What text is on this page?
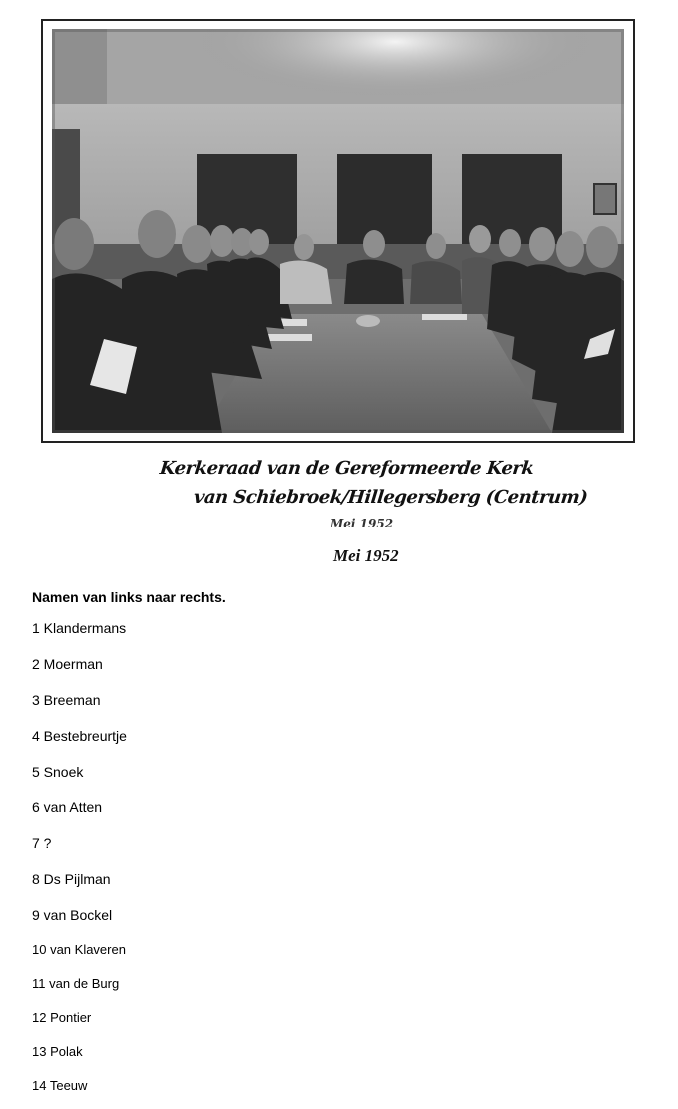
Kerkeraad van de Gereformeerde Kerk
van Schiebroek/Hillegersberg (Centrum)
Mei 1952
Mei 1952
Namen van links naar rechts.
1 Klandermans
2 Moerman
3 Breeman
4 Bestebreurtje
5 Snoek
6 van Atten
7 ?
8 Ds Pijlman
9 van Bockel
10 van Klaveren
11 van de Burg
12 Pontier
13 Polak
14 Teeuw
